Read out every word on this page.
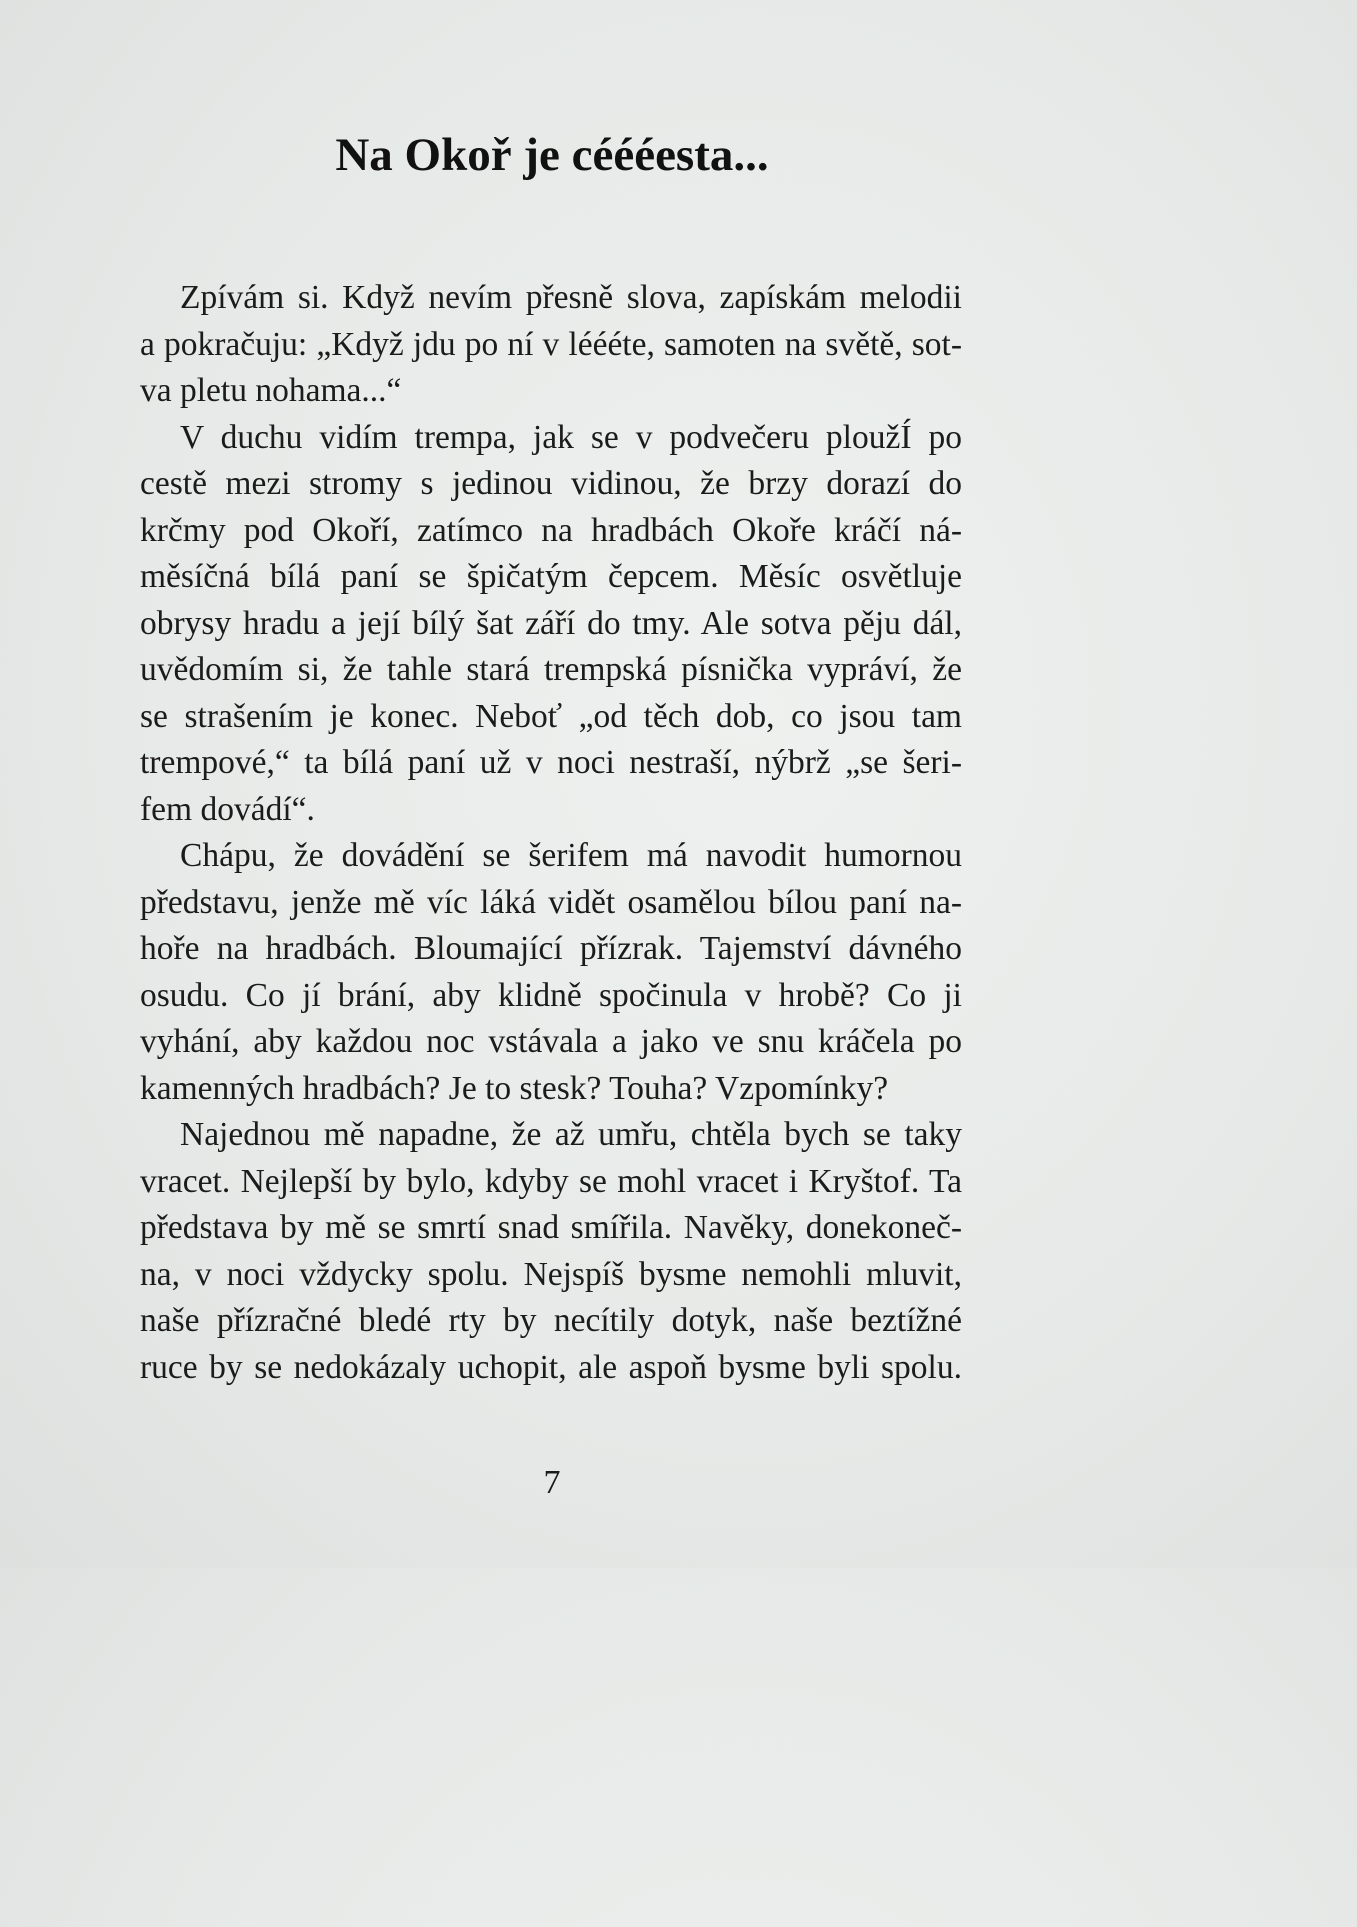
Na Okoř je céééesta...
Zpívám si. Když nevím přesně slova, zapískám melodii
a pokračuju: „Když jdu po ní v léééte, samoten na světě, sot-
va pletu nohama...“
V duchu vidím trempa, jak se v podvečeru ploužÍ po
cestě mezi stromy s jedinou vidinou, že brzy dorazí do
krčmy pod Okoří, zatímco na hradbách Okoře kráčí ná-
měsíčná bílá paní se špičatým čepcem. Měsíc osvětluje
obrysy hradu a její bílý šat září do tmy. Ale sotva pěju dál,
uvědomím si, že tahle stará trempská písnička vypráví, že
se strašením je konec. Neboť „od těch dob, co jsou tam
trempové,“ ta bílá paní už v noci nestraší, nýbrž „se šeri-
fem dovádí“.
Chápu, že dovádění se šerifem má navodit humornou
představu, jenže mě víc láká vidět osamělou bílou paní na-
hoře na hradbách. Bloumající přízrak. Tajemství dávného
osudu. Co jí brání, aby klidně spočinula v hrobě? Co ji
vyhání, aby každou noc vstávala a jako ve snu kráčela po
kamenných hradbách? Je to stesk? Touha? Vzpomínky?
Najednou mě napadne, že až umřu, chtěla bych se taky
vracet. Nejlepší by bylo, kdyby se mohl vracet i Kryštof. Ta
představa by mě se smrtí snad smířila. Navěky, donekoneč-
na, v noci vždycky spolu. Nejspíš bysme nemohli mluvit,
naše přízračné bledé rty by necítily dotyk, naše beztížné
ruce by se nedokázaly uchopit, ale aspoň bysme byli spolu.
7
